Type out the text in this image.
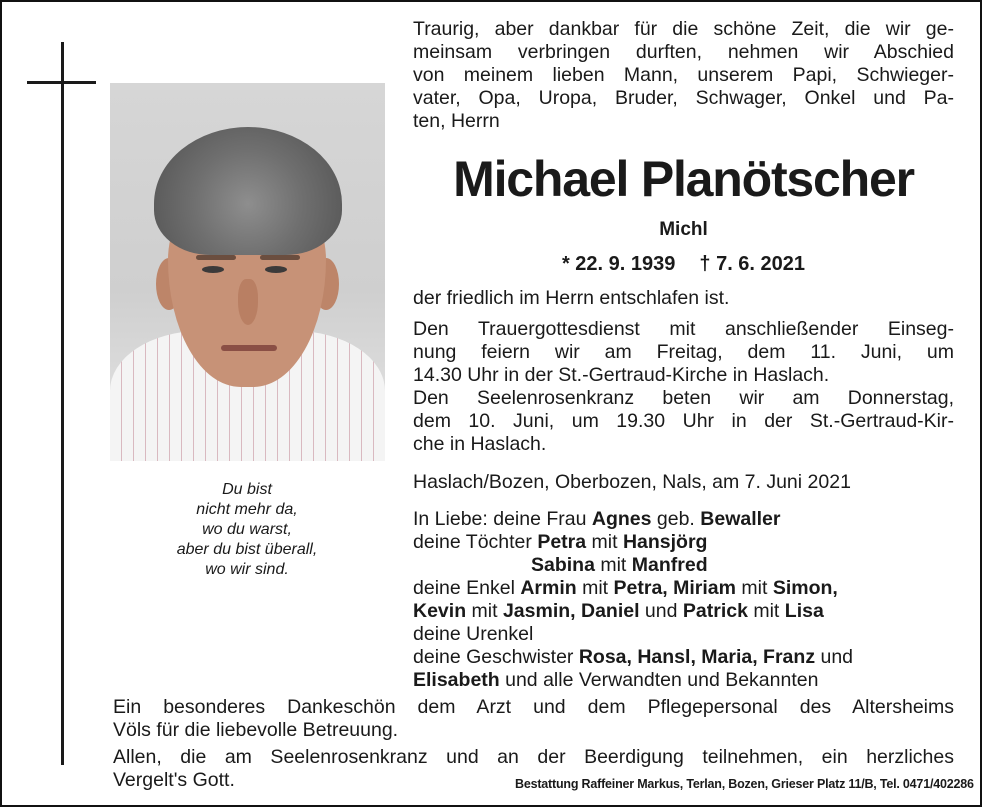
Du bist
nicht mehr da,
wo du warst,
aber du bist überall,
wo wir sind.
Traurig, aber dankbar für die schöne Zeit, die wir ge-
meinsam verbringen durften, nehmen wir Abschied
von meinem lieben Mann, unserem Papi, Schwieger-
vater, Opa, Uropa, Bruder, Schwager, Onkel und Pa-
ten, Herrn
Michael Planötscher
Michl
* 22. 9. 1939 † 7. 6. 2021
der friedlich im Herrn entschlafen ist.
Den Trauergottesdienst mit anschließender Einseg-
nung feiern wir am Freitag, dem 11. Juni, um
14.30 Uhr in der St.-Gertraud-Kirche in Haslach.
Den Seelenrosenkranz beten wir am Donnerstag,
dem 10. Juni, um 19.30 Uhr in der St.-Gertraud-Kir-
che in Haslach.
Haslach/Bozen, Oberbozen, Nals, am 7. Juni 2021
In Liebe: deine Frau Agnes geb. Bewaller
deine Töchter Petra mit Hansjörg
Sabina mit Manfred
deine Enkel Armin mit Petra, Miriam mit Simon,
Kevin mit Jasmin, Daniel und Patrick mit Lisa
deine Urenkel
deine Geschwister Rosa, Hansl, Maria, Franz und
Elisabeth und alle Verwandten und Bekannten
Ein besonderes Dankeschön dem Arzt und dem Pflegepersonal des Altersheims
Völs für die liebevolle Betreuung.
Allen, die am Seelenrosenkranz und an der Beerdigung teilnehmen, ein herzliches
Vergelt's Gott.	Bestattung Raffeiner Markus, Terlan, Bozen, Grieser Platz 11/B, Tel. 0471/402286
